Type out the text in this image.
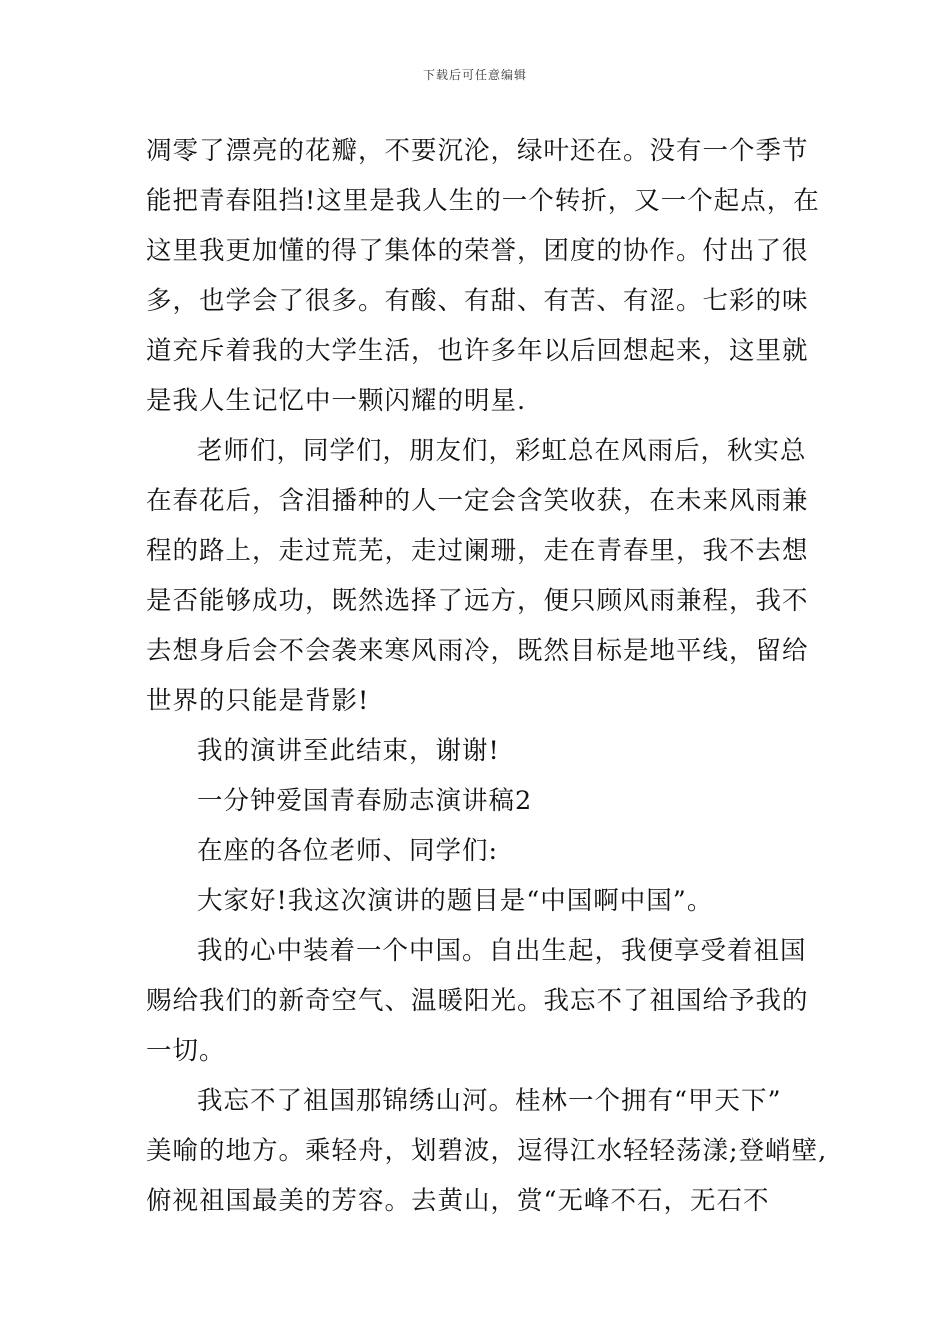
下载后可任意编辑
凋零了漂亮的花瓣，不要沉沦，绿叶还在。没有一个季节
能把青春阻挡!这里是我人生的一个转折，又一个起点，在
这里我更加懂的得了集体的荣誉，团度的协作。付出了很
多，也学会了很多。有酸、有甜、有苦、有涩。七彩的味
道充斥着我的大学生活，也许多年以后回想起来，这里就
是我人生记忆中一颗闪耀的明星.
老师们，同学们，朋友们，彩虹总在风雨后，秋实总
在春花后，含泪播种的人一定会含笑收获，在未来风雨兼
程的路上，走过荒芜，走过阑珊，走在青春里，我不去想
是否能够成功，既然选择了远方，便只顾风雨兼程，我不
去想身后会不会袭来寒风雨冷，既然目标是地平线，留给
世界的只能是背影!
我的演讲至此结束，谢谢!
一分钟爱国青春励志演讲稿2
在座的各位老师、同学们:
大家好!我这次演讲的题目是“中国啊中国”。
我的心中装着一个中国。自出生起，我便享受着祖国
赐给我们的新奇空气、温暖阳光。我忘不了祖国给予我的
一切。
我忘不了祖国那锦绣山河。桂林一个拥有“甲天下”
美喻的地方。乘轻舟，划碧波，逗得江水轻轻荡漾;登峭壁,
俯视祖国最美的芳容。去黄山，赏“无峰不石，无石不
